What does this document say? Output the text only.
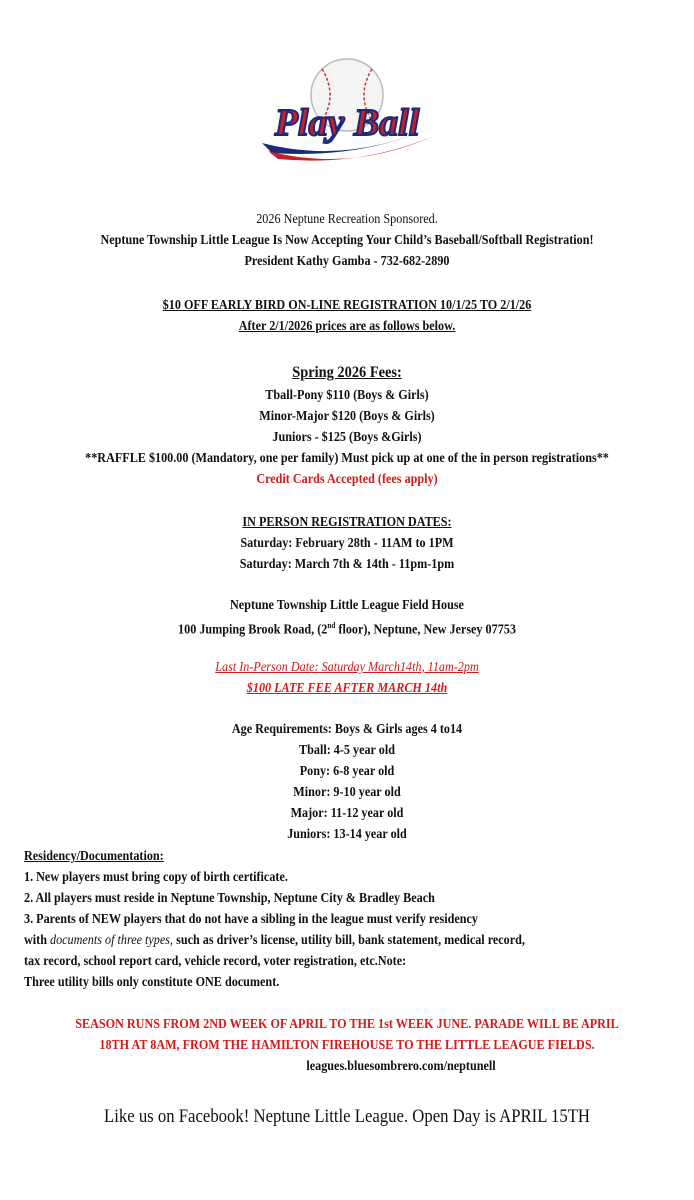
Play Ball
2026 Neptune Recreation Sponsored.
Neptune Township Little League Is Now Accepting Your Child’s Baseball/Softball Registration!
President Kathy Gamba - 732-682-2890
$10 OFF EARLY BIRD ON-LINE REGISTRATION 10/1/25 TO 2/1/26
After 2/1/2026 prices are as follows below.
Spring 2026 Fees:
Tball-Pony $110 (Boys & Girls)
Minor-Major $120 (Boys & Girls)
Juniors - $125 (Boys &Girls)
**RAFFLE $100.00 (Mandatory, one per family) Must pick up at one of the in person registrations**
Credit Cards Accepted (fees apply)
IN PERSON REGISTRATION DATES:
Saturday: February 28th - 11AM to 1PM
Saturday: March 7th & 14th - 11pm-1pm
Neptune Township Little League Field House
100 Jumping Brook Road, (2nd floor), Neptune, New Jersey 07753
Last In-Person Date: Saturday March14th, 11am-2pm
$100 LATE FEE AFTER MARCH 14th
Age Requirements: Boys & Girls ages 4 to14
Tball: 4-5 year old
Pony: 6-8 year old
Minor: 9-10 year old
Major: 11-12 year old
Juniors: 13-14 year old
Residency/Documentation:
1. New players must bring copy of birth certificate.
2. All players must reside in Neptune Township, Neptune City & Bradley Beach
3. Parents of NEW players that do not have a sibling in the league must verify residency
with documents of three types, such as driver’s license, utility bill, bank statement, medical record,
tax record, school report card, vehicle record, voter registration, etc.Note:
Three utility bills only constitute ONE document.
SEASON RUNS FROM 2ND WEEK OF APRIL TO THE 1st WEEK JUNE. PARADE WILL BE APRIL
18TH AT 8AM, FROM THE HAMILTON FIREHOUSE TO THE LITTLE LEAGUE FIELDS.
leagues.bluesombrero.com/neptunell
Like us on Facebook! Neptune Little League. Open Day is APRIL 15TH
